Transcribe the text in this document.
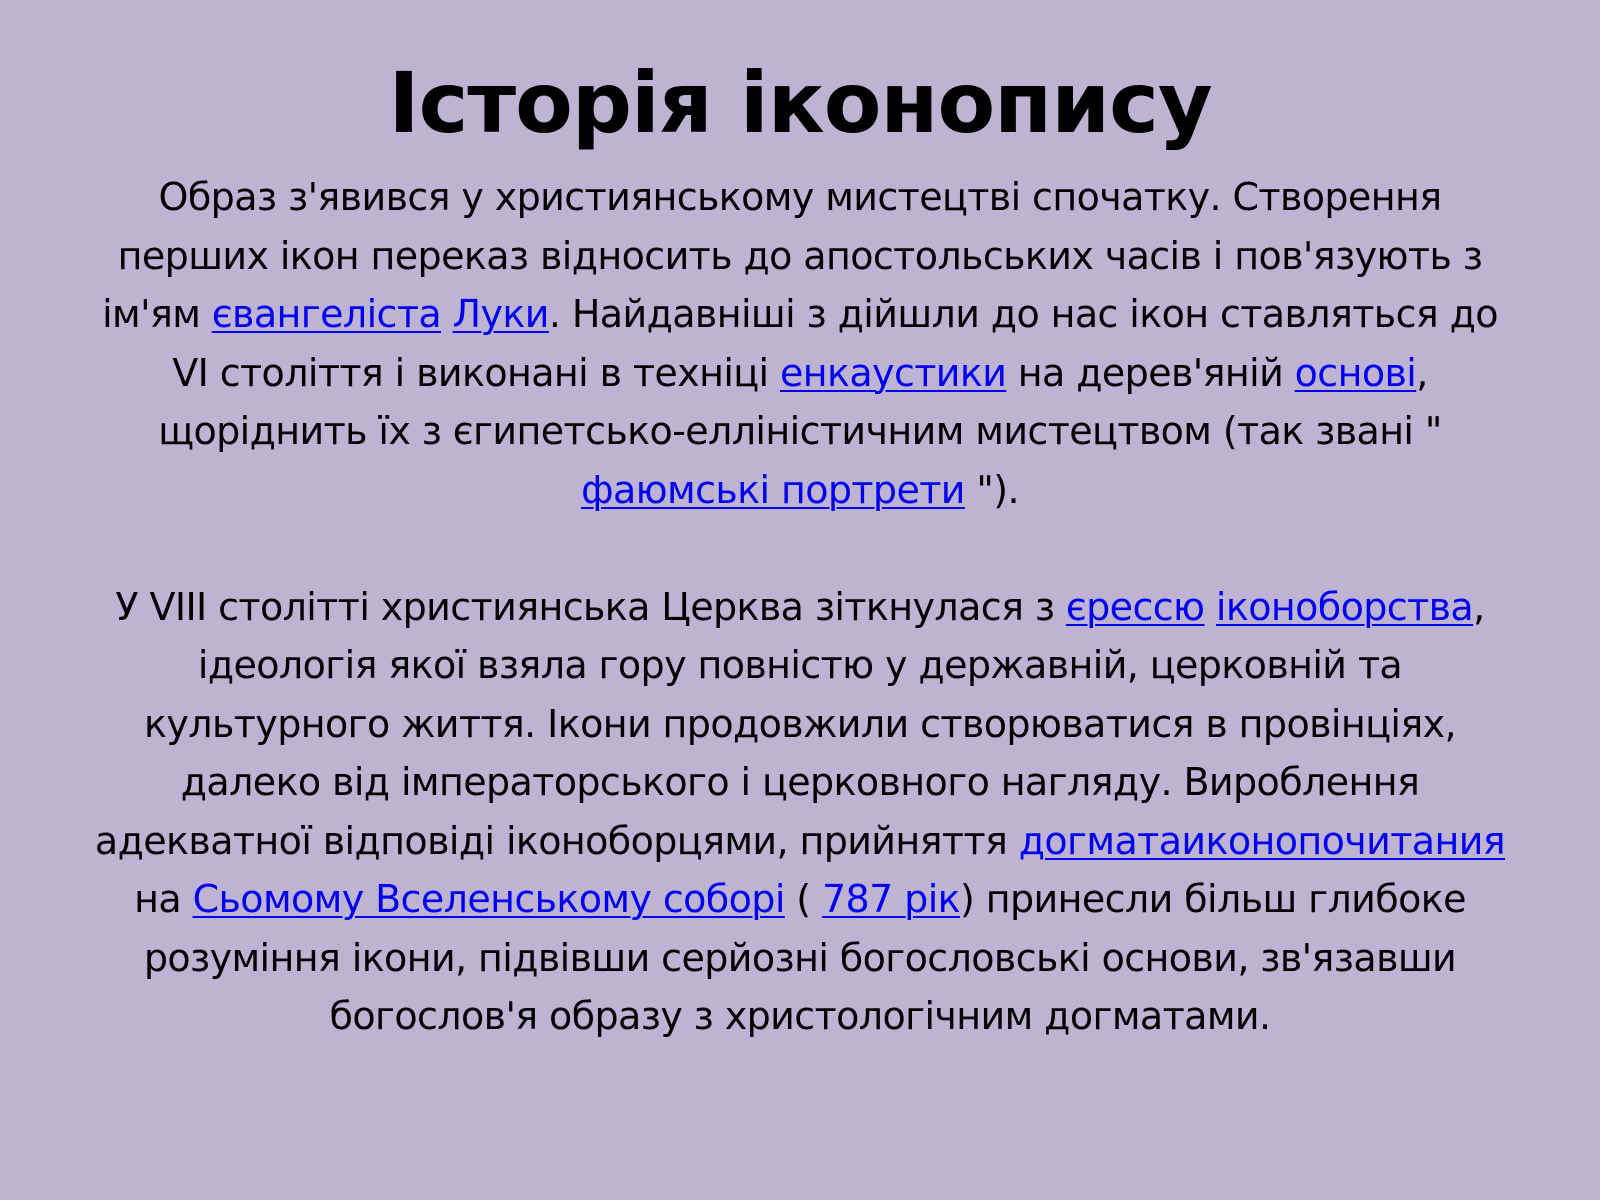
Історія іконопису

Образ з'явився у християнському мистецтві спочатку. Створення перших ікон переказ відносить до апостольських часів і пов'язують з ім'ям євангеліста Луки. Найдавніші з дійшли до нас ікон ставляться до VI століття і виконані в техніці енкаустики на дерев'яній основі, щоріднить їх з єгипетсько-елліністичним мистецтвом (так звані " фаюмські портрети ").

У VIII столітті християнська Церква зіткнулася з єрессю іконоборства, ідеологія якої взяла гору повністю у державній, церковній та культурного життя. Ікони продовжили створюватися в провінціях, далеко від імператорського і церковного нагляду. Вироблення адекватної відповіді іконоборцями, прийняття догматаиконопочитания на Сьомому Вселенському соборі ( 787 рік) принесли більш глибоке розуміння ікони, підвівши серйозні богословські основи, зв'язавши богослов'я образу з христологічним догматами.
